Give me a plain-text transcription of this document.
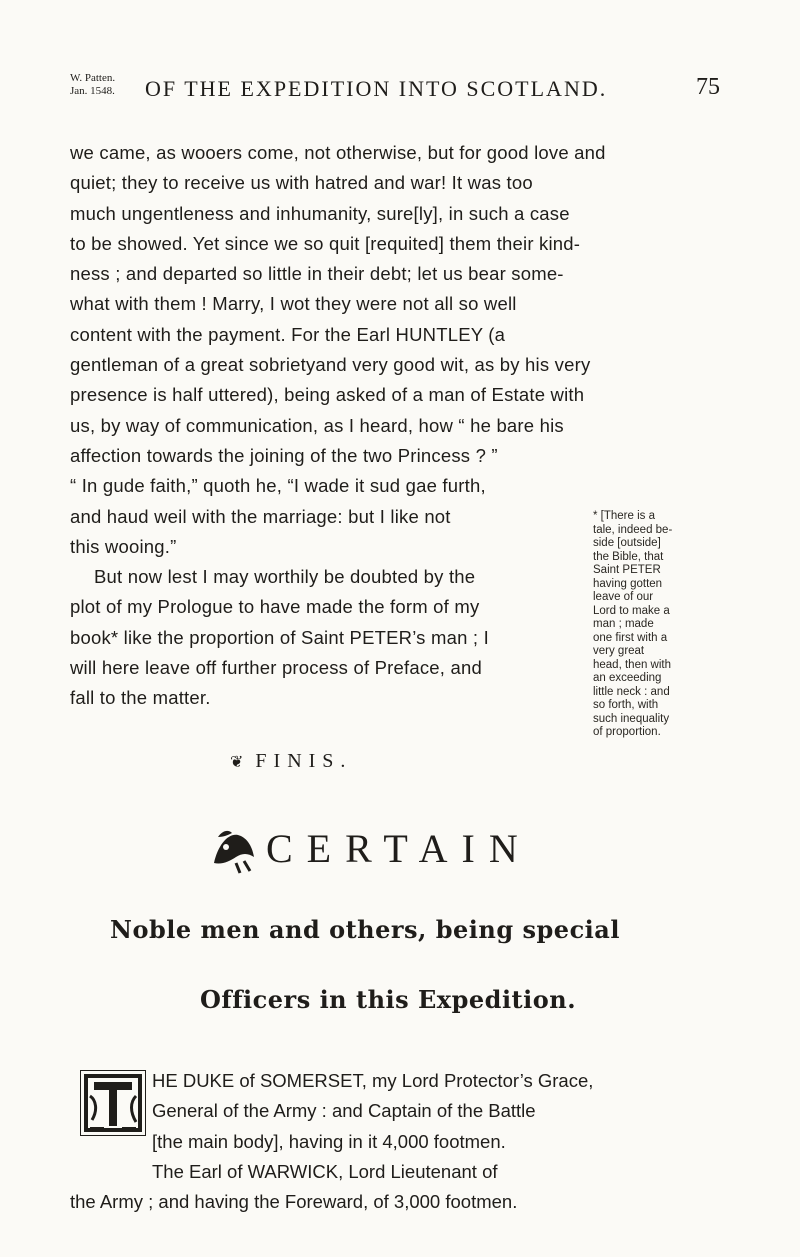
W. Patten.
Jan. 1548. OF THE EXPEDITION INTO SCOTLAND.	75
we came, as wooers come, not otherwise, but for good love and
quiet; they to receive us with hatred and war! It was too
much ungentleness and inhumanity, sure[ly], in such a case
to be showed. Yet since we so quit [requited] them their kind-
ness ; and departed so little in their debt; let us bear some-
what with them ! Marry, I wot they were not all so well
content with the payment. For the Earl HUNTLEY (a
gentleman of a great sobrietyand very good wit, as by his very
presence is half uttered), being asked of a man of Estate with
us, by way of communication, as I heard, how “ he bare his
affection towards the joining of the two Princess ? ”
“ In gude faith,” quoth he, “I wade it sud gae furth,
and haud weil with the marriage: but I like not
this wooing.”
But now lest I may worthily be doubted by the
plot of my Prologue to have made the form of my
book* like the proportion of Saint PETER’s man ; I
will here leave off further process of Preface, and
fall to the matter.
* [There is a
tale, indeed be-
side [outside]
the Bible, that
Saint PETER
having gotten
leave of our
Lord to make a
man ; made
one first with a
very great
head, then with
an exceeding
little neck : and
so forth, with
such inequality
of proportion.
❦ FINIS.
CERTAIN
Noble men and others, being special
Officers in this Expedition.
HE DUKE of SOMERSET, my Lord Protector’s Grace,
General of the Army : and Captain of the Battle
[the main body], having in it 4,000 footmen.
The Earl of WARWICK, Lord Lieutenant of
the Army ; and having the Foreward, of 3,000 footmen.
